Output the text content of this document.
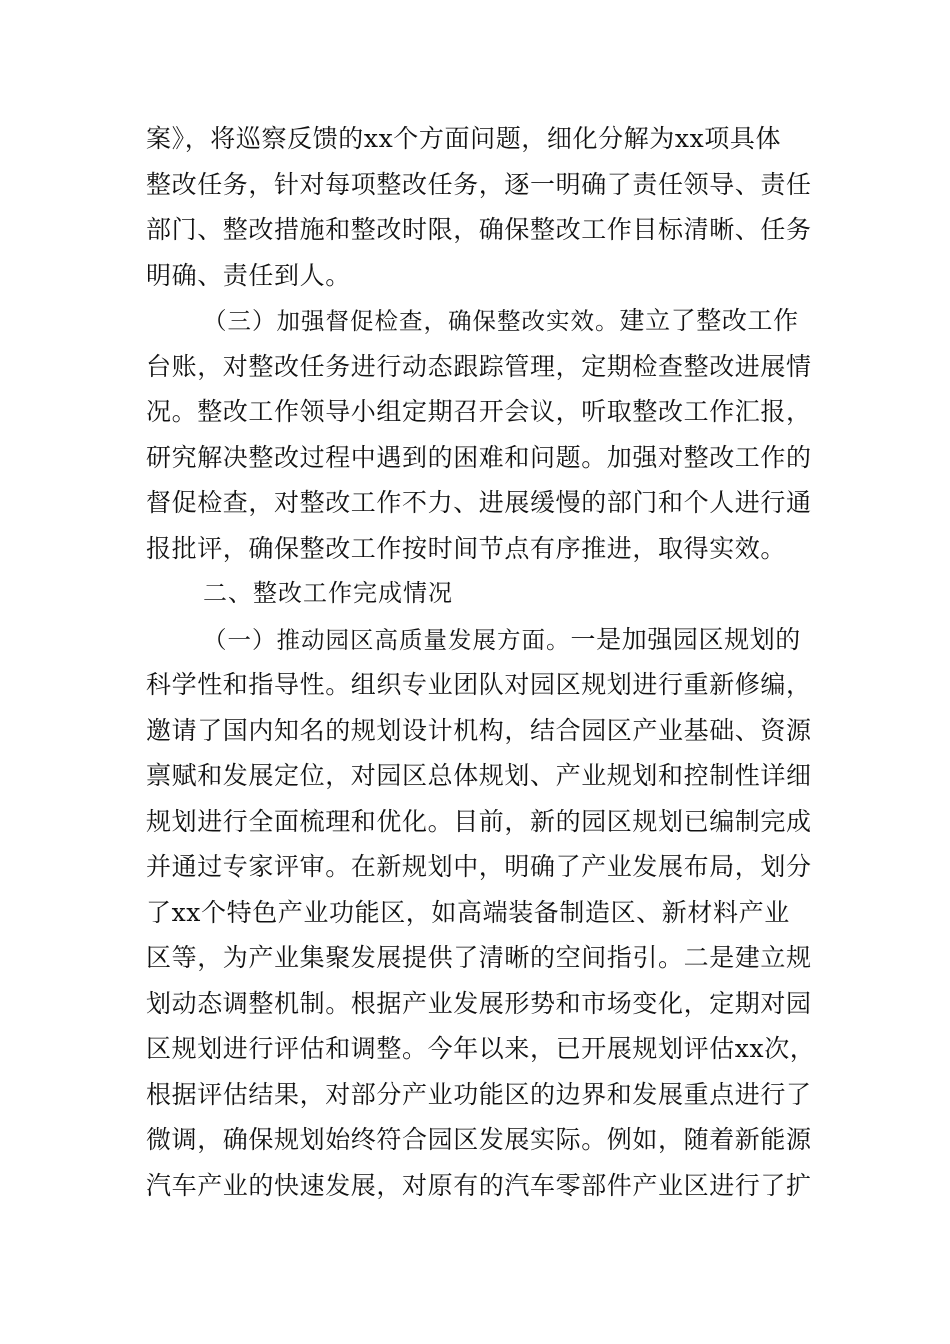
案》，将巡察反馈的xx个方面问题，细化分解为xx项具体
整改任务，针对每项整改任务，逐一明确了责任领导、责任
部门、整改措施和整改时限，确保整改工作目标清晰、任务
明确、责任到人。
（三）加强督促检查，确保整改实效。建立了整改工作
台账，对整改任务进行动态跟踪管理，定期检查整改进展情
况。整改工作领导小组定期召开会议，听取整改工作汇报，
研究解决整改过程中遇到的困难和问题。加强对整改工作的
督促检查，对整改工作不力、进展缓慢的部门和个人进行通
报批评，确保整改工作按时间节点有序推进，取得实效。
二、整改工作完成情况
（一）推动园区高质量发展方面。一是加强园区规划的
科学性和指导性。组织专业团队对园区规划进行重新修编，
邀请了国内知名的规划设计机构，结合园区产业基础、资源
禀赋和发展定位，对园区总体规划、产业规划和控制性详细
规划进行全面梳理和优化。目前，新的园区规划已编制完成
并通过专家评审。在新规划中，明确了产业发展布局，划分
了xx个特色产业功能区，如高端装备制造区、新材料产业
区等，为产业集聚发展提供了清晰的空间指引。二是建立规
划动态调整机制。根据产业发展形势和市场变化，定期对园
区规划进行评估和调整。今年以来，已开展规划评估xx次，
根据评估结果，对部分产业功能区的边界和发展重点进行了
微调，确保规划始终符合园区发展实际。例如，随着新能源
汽车产业的快速发展，对原有的汽车零部件产业区进行了扩
